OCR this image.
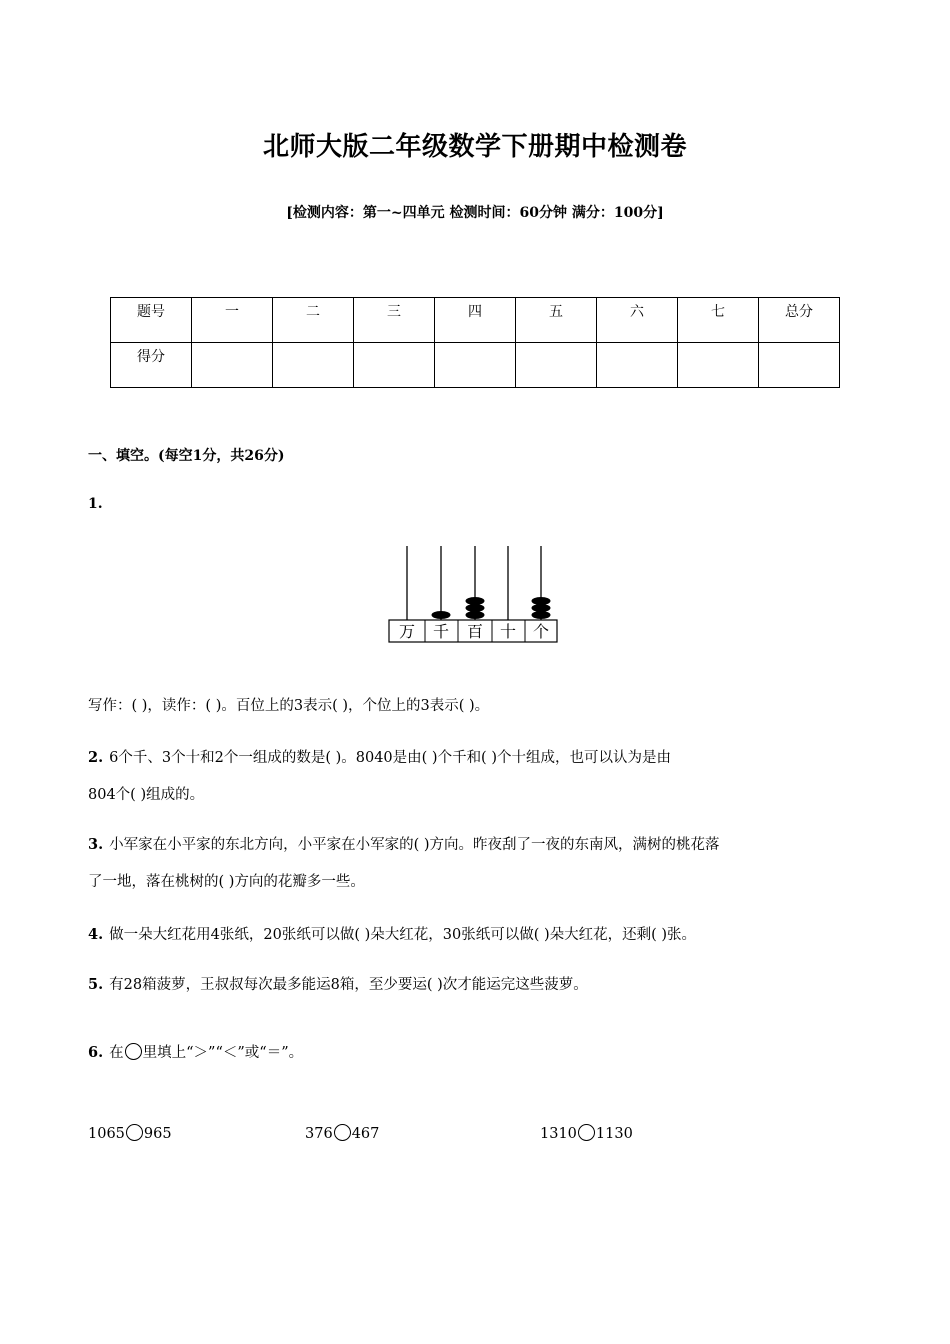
北师大版二年级数学下册期中检测卷
[检测内容：第一~四单元 检测时间：60分钟 满分：100分]
题号	一	二	三	四	五	六	七	总分
得分								
一、填空。(每空1分，共26分)
1.
万 千 百 十 个
写作：( )，读作：( )。百位上的3表示( )，个位上的3表示( )。
2. 6个千、3个十和2个一组成的数是( )。8040是由( )个千和( )个十组成，也可以认为是由
804个( )组成的。
3. 小军家在小平家的东北方向，小平家在小军家的( )方向。昨夜刮了一夜的东南风，满树的桃花落
了一地，落在桃树的( )方向的花瓣多一些。
4. 做一朵大红花用4张纸，20张纸可以做( )朵大红花，30张纸可以做( )朵大红花，还剩( )张。
5. 有28箱菠萝，王叔叔每次最多能运8箱，至少要运( )次才能运完这些菠萝。
6. 在 里填上“＞”“＜”或“＝”。
1065 965	376 467	1310 1130
